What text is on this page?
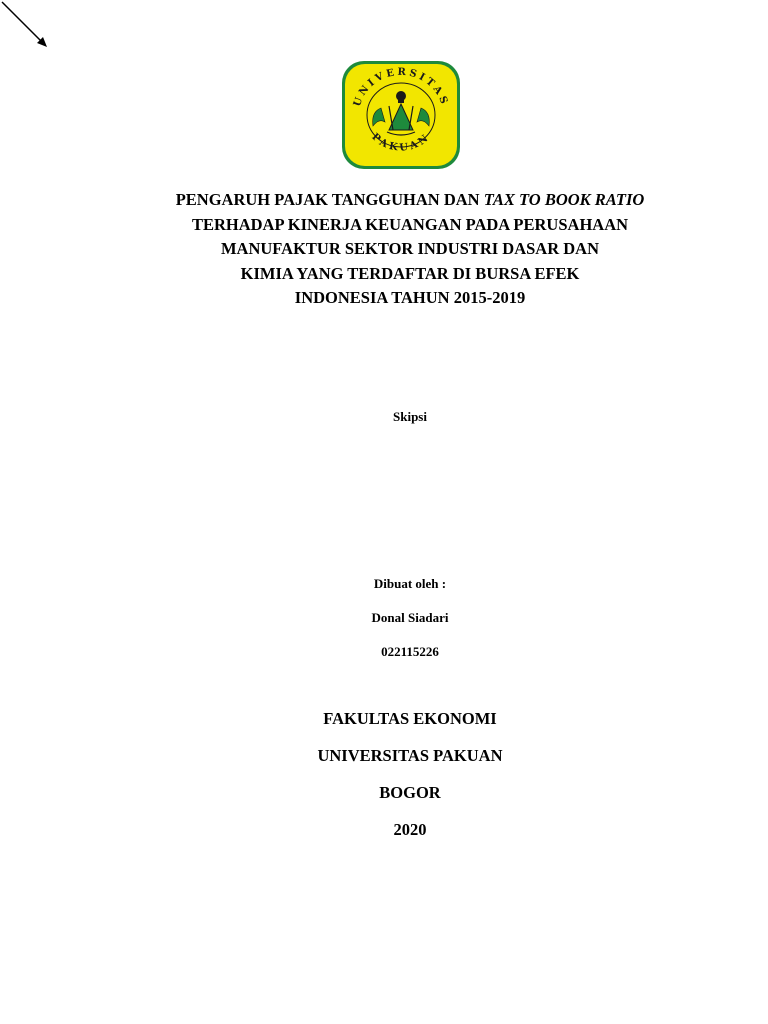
UNIVERSITAS
PAKUAN
PENGARUH PAJAK TANGGUHAN DAN TAX TO BOOK RATIO
TERHADAP KINERJA KEUANGAN PADA PERUSAHAAN
MANUFAKTUR SEKTOR INDUSTRI DASAR DAN
KIMIA YANG TERDAFTAR DI BURSA EFEK
INDONESIA TAHUN 2015-2019
Skipsi
Dibuat oleh :
Donal Siadari
022115226
FAKULTAS EKONOMI
UNIVERSITAS PAKUAN
BOGOR
2020
